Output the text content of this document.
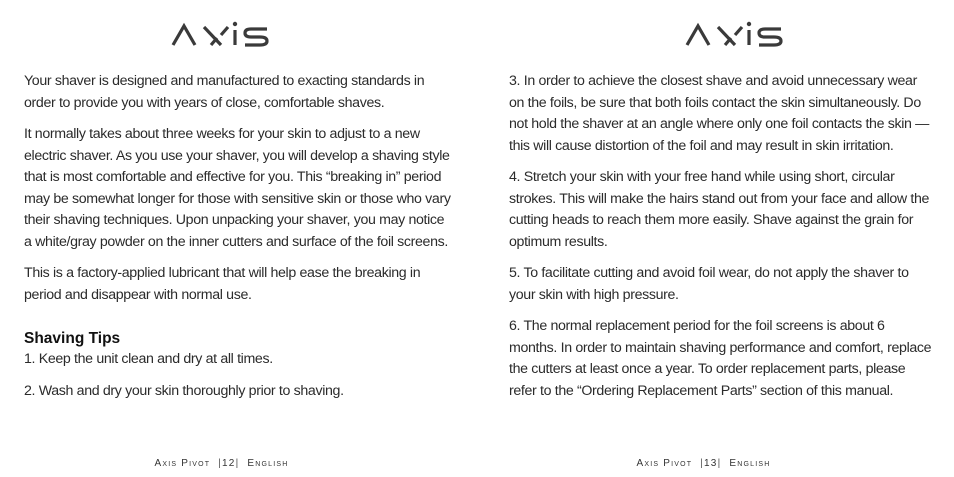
AXIS

Your shaver is designed and manufactured to exacting standards in order to provide you with years of close, comfortable shaves.

It normally takes about three weeks for your skin to adjust to a new electric shaver. As you use your shaver, you will develop a shaving style that is most comfortable and effective for you. This “breaking in” period may be somewhat longer for those with sensitive skin or those who vary their shaving techniques. Upon unpacking your shaver, you may notice a white/gray powder on the inner cutters and surface of the foil screens.

This is a factory-applied lubricant that will help ease the breaking in period and disappear with normal use.

Shaving Tips

1. Keep the unit clean and dry at all times.

2. Wash and dry your skin thoroughly prior to shaving.

Axis Pivot  |12|  English

3. In order to achieve the closest shave and avoid unnecessary wear on the foils, be sure that both foils contact the skin simultaneously. Do not hold the shaver at an angle where only one foil contacts the skin — this will cause distortion of the foil and may result in skin irritation.

4. Stretch your skin with your free hand while using short, circular strokes. This will make the hairs stand out from your face and allow the cutting heads to reach them more easily. Shave against the grain for optimum results.

5. To facilitate cutting and avoid foil wear, do not apply the shaver to your skin with high pressure.

6. The normal replacement period for the foil screens is about 6 months. In order to maintain shaving performance and comfort, replace the cutters at least once a year. To order replacement parts, please refer to the “Ordering Replacement Parts” section of this manual.

Axis Pivot  |13|  English
